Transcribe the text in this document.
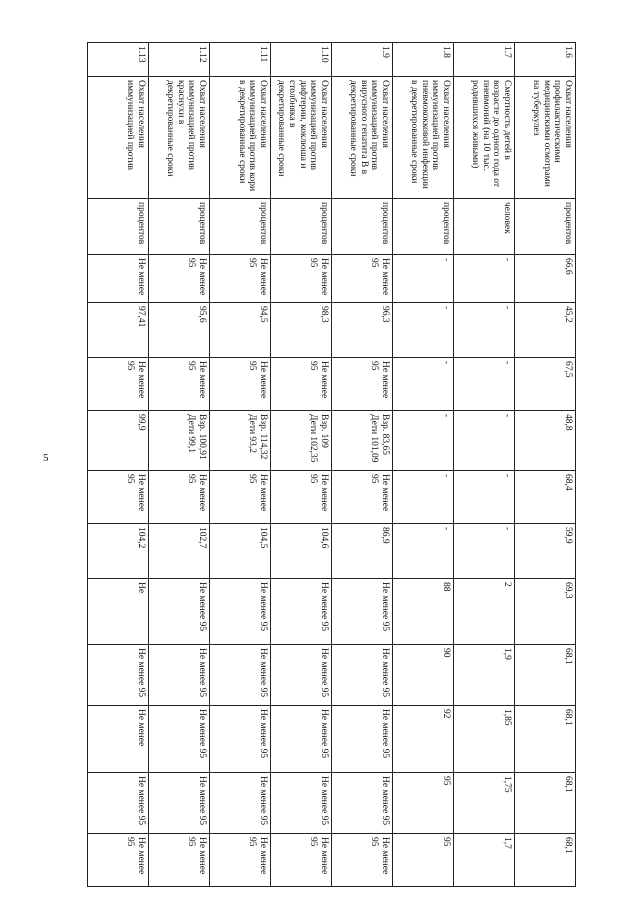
5
1.6	Охват населения профилактическими медицинскими осмотрами на туберкулез	процентов	66,6	45,2	67,5	48,8	68,4	59,9	69,3	68,1	68,1	68,1	68,1
1.7	Смертность детей в возрасте до одного года от пневмоний (на 10 тыс. родившихся живыми)	человек	-	-	-	-	-	-	2	1,9	1,85	1,75	1,7
1.8	Охват населения иммунизацией против пневмококковой инфекции в декретированные сроки	процентов	-	-	-	-	-	-	88	90	92	95	95
1.9	Охват населения иммунизацией против вирусного гепатита В в декретированные сроки	процентов	Не менее 95	96,3	Не менее 95	Взр. 83,65 Дети 101,09	Не менее 95	86,9	Не менее 95	Не менее 95	Не менее 95	Не менее 95	Не менее 95
1.10	Охват населения иммунизацией против дифтерии, коклюша и столбняка в декретированные сроки	процентов	Не менее 95	98,3	Не менее 95	Взр. 109 Дети 102,35	Не менее 95	104,6	Не менее 95	Не менее 95	Не менее 95	Не менее 95	Не менее 95
1.11	Охват населения иммунизацией против кори в декретированные сроки	процентов	Не менее 95	94,5	Не менее 95	Взр. 114,32 Дети 93,2	Не менее 95	104,5	Не менее 95	Не менее 95	Не менее 95	Не менее 95	Не менее 95
1.12	Охват населения иммунизацией против краснухи в декретированные сроки	процентов	Не менее 95	95,6	Не менее 95	Взр. 100,91 Дети 99,1	Не менее 95	102,7	Не менее 95	Не менее 95	Не менее 95	Не менее 95	Не менее 95
1.13	Охват населения иммунизацией против	процентов	Не менее	97,41	Не менее 95	99,9	Не менее 95	104,2	Не	Не менее 95	Не менее	Не менее 95	Не менее 95
